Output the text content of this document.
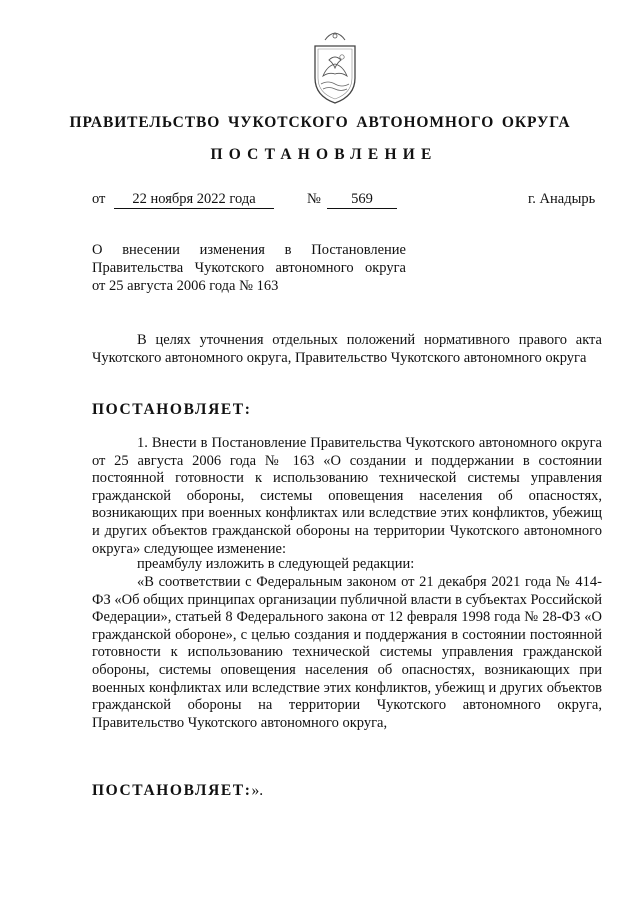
ПРАВИТЕЛЬСТВО ЧУКОТСКОГО АВТОНОМНОГО ОКРУГА
ПОСТАНОВЛЕНИЕ
от	22 ноября 2022 года	№	569	г. Анадырь
О внесении изменения в Постановление
Правительства Чукотского автономного округа
от 25 августа 2006 года № 163

В целях уточнения отдельных положений нормативного правого акта Чукотского автономного округа, Правительство Чукотского автономного округа

ПОСТАНОВЛЯЕТ:

1. Внести в Постановление Правительства Чукотского автономного округа от 25 августа 2006 года № 163 «О создании и поддержании в состоянии постоянной готовности к использованию технической системы управления гражданской обороны, системы оповещения населения об опасностях, возникающих при военных конфликтах или вследствие этих конфликтов, убежищ и других объектов гражданской обороны на территории Чукотского автономного округа» следующее изменение:

преамбулу изложить в следующей редакции:

«В соответствии с Федеральным законом от 21 декабря 2021 года № 414-ФЗ «Об общих принципах организации публичной власти в субъектах Российской Федерации», статьей 8 Федерального закона от 12 февраля 1998 года № 28-ФЗ «О гражданской обороне», с целью создания и поддержания в состоянии постоянной готовности к использованию технической системы управления гражданской обороны, системы оповещения населения об опасностях, возникающих при военных конфликтах или вследствие этих конфликтов, убежищ и других объектов гражданской обороны на территории Чукотского автономного округа, Правительство Чукотского автономного округа,

ПОСТАНОВЛЯЕТ:».
